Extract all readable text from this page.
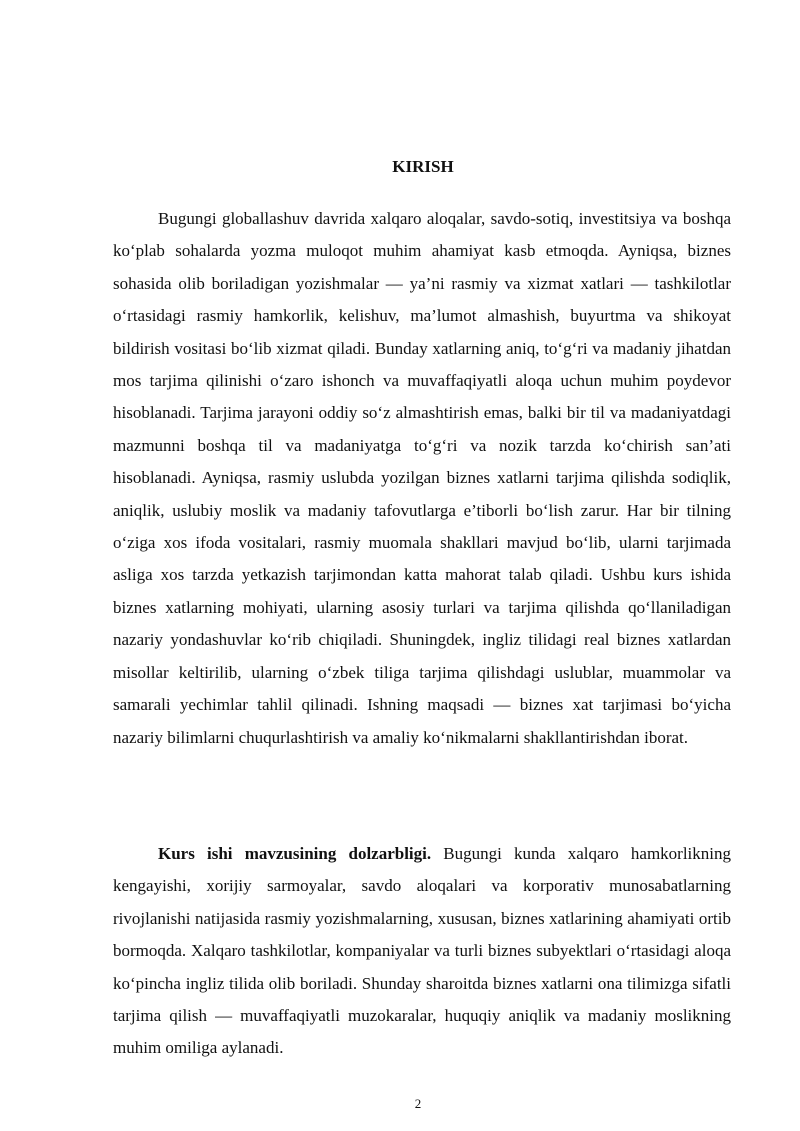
KIRISH

Bugungi globallashuv davrida xalqaro aloqalar, savdo-sotiq, investitsiya va boshqa koʻplab sohalarda yozma muloqot muhim ahamiyat kasb etmoqda. Ayniqsa, biznes sohasida olib boriladigan yozishmalar — ya’ni rasmiy va xizmat xatlari — tashkilotlar oʻrtasidagi rasmiy hamkorlik, kelishuv, ma’lumot almashish, buyurtma va shikoyat bildirish vositasi boʻlib xizmat qiladi. Bunday xatlarning aniq, toʻgʻri va madaniy jihatdan mos tarjima qilinishi oʻzaro ishonch va muvaffaqiyatli aloqa uchun muhim poydevor hisoblanadi. Tarjima jarayoni oddiy soʻz almashtirish emas, balki bir til va madaniyatdagi mazmunni boshqa til va madaniyatga toʻgʻri va nozik tarzda koʻchirish san’ati hisoblanadi. Ayniqsa, rasmiy uslubda yozilgan biznes xatlarni tarjima qilishda sodiqlik, aniqlik, uslubiy moslik va madaniy tafovutlarga e’tiborli boʻlish zarur. Har bir tilning oʻziga xos ifoda vositalari, rasmiy muomala shakllari mavjud boʻlib, ularni tarjimada asliga xos tarzda yetkazish tarjimondan katta mahorat talab qiladi. Ushbu kurs ishida biznes xatlarning mohiyati, ularning asosiy turlari va tarjima qilishda qoʻllaniladigan nazariy yondashuvlar koʻrib chiqiladi. Shuningdek, ingliz tilidagi real biznes xatlardan misollar keltirilib, ularning oʻzbek tiliga tarjima qilishdagi uslublar, muammolar va samarali yechimlar tahlil qilinadi. Ishning maqsadi — biznes xat tarjimasi boʻyicha nazariy bilimlarni chuqurlashtirish va amaliy koʻnikmalarni shakllantirishdan iborat.

Kurs ishi mavzusining dolzarbligi. Bugungi kunda xalqaro hamkorlikning kengayishi, xorijiy sarmoyalar, savdo aloqalari va korporativ munosabatlarning rivojlanishi natijasida rasmiy yozishmalarning, xususan, biznes xatlarining ahamiyati ortib bormoqda. Xalqaro tashkilotlar, kompaniyalar va turli biznes subyektlari oʻrtasidagi aloqa koʻpincha ingliz tilida olib boriladi. Shunday sharoitda biznes xatlarni ona tilimizga sifatli tarjima qilish — muvaffaqiyatli muzokaralar, huquqiy aniqlik va madaniy moslikning muhim omiliga aylanadi.

2
